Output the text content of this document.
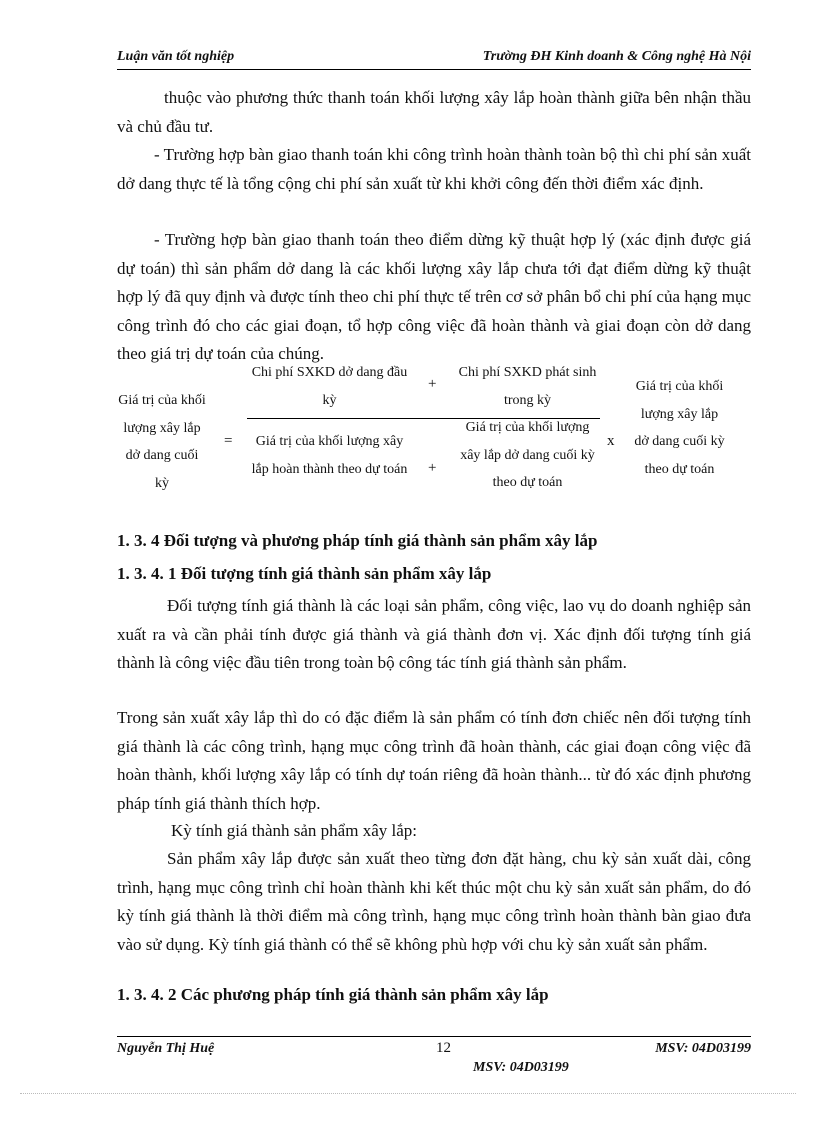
Luận văn tốt nghiệp	Trường ĐH Kinh doanh & Công nghệ Hà Nội

thuộc vào phương thức thanh toán khối lượng xây lắp hoàn thành giữa bên nhận thầu và chủ đầu tư.

- Trường hợp bàn giao thanh toán khi công trình hoàn thành toàn bộ thì chi phí sản xuất dở dang thực tế là tổng cộng chi phí sản xuất từ khi khởi công đến thời điểm xác định.

- Trường hợp bàn giao thanh toán theo điểm dừng kỹ thuật hợp lý (xác định được giá dự toán) thì sản phẩm dở dang là các khối lượng xây lắp chưa tới đạt điểm dừng kỹ thuật hợp lý đã quy định và được tính theo chi phí thực tế trên cơ sở phân bổ chi phí của hạng mục công trình đó cho các giai đoạn, tổ hợp công việc đã hoàn thành và giai đoạn còn dở dang theo giá trị dự toán của chúng.

Giá trị của khối lượng xây lắp dở dang cuối kỳ
=
Chi phí SXKD dở dang đầu kỳ
+
Chi phí SXKD phát sinh trong kỳ
Giá trị của khối lượng xây lắp hoàn thành theo dự toán	+
Giá trị của khối lượng xây lắp dở dang cuối kỳ theo dự toán
x
Giá trị của khối lượng xây lắp dở dang cuối kỳ theo dự toán
1. 3. 4 Đối tượng và phương pháp tính giá thành sản phẩm xây lắp
1. 3. 4. 1 Đối tượng tính giá thành sản phẩm xây lắp

Đối tượng tính giá thành là các loại sản phẩm, công việc, lao vụ do doanh nghiệp sản xuất ra và cần phải tính được giá thành và giá thành đơn vị. Xác định đối tượng tính giá thành là công việc đầu tiên trong toàn bộ công tác tính giá thành sản phẩm.

Trong sản xuất xây lắp thì do có đặc điểm là sản phẩm có tính đơn chiếc nên đối tượng tính giá thành là các công trình, hạng mục công trình đã hoàn thành, các giai đoạn công việc đã hoàn thành, khối lượng xây lắp có tính dự toán riêng đã hoàn thành... từ đó xác định phương pháp tính giá thành thích hợp.

Kỳ tính giá thành sản phẩm xây lắp:

Sản phẩm xây lắp được sản xuất theo từng đơn đặt hàng, chu kỳ sản xuất dài, công trình, hạng mục công trình chỉ hoàn thành khi kết thúc một chu kỳ sản xuất sản phẩm, do đó kỳ tính giá thành là thời điểm mà công trình, hạng mục công trình hoàn thành bàn giao đưa vào sử dụng. Kỳ tính giá thành có thể sẽ không phù hợp với chu kỳ sản xuất sản phẩm.

1. 3. 4. 2 Các phương pháp tính giá thành sản phẩm xây lắp
Nguyễn Thị Huệ	12	MSV: 04D03199
MSV: 04D03199
